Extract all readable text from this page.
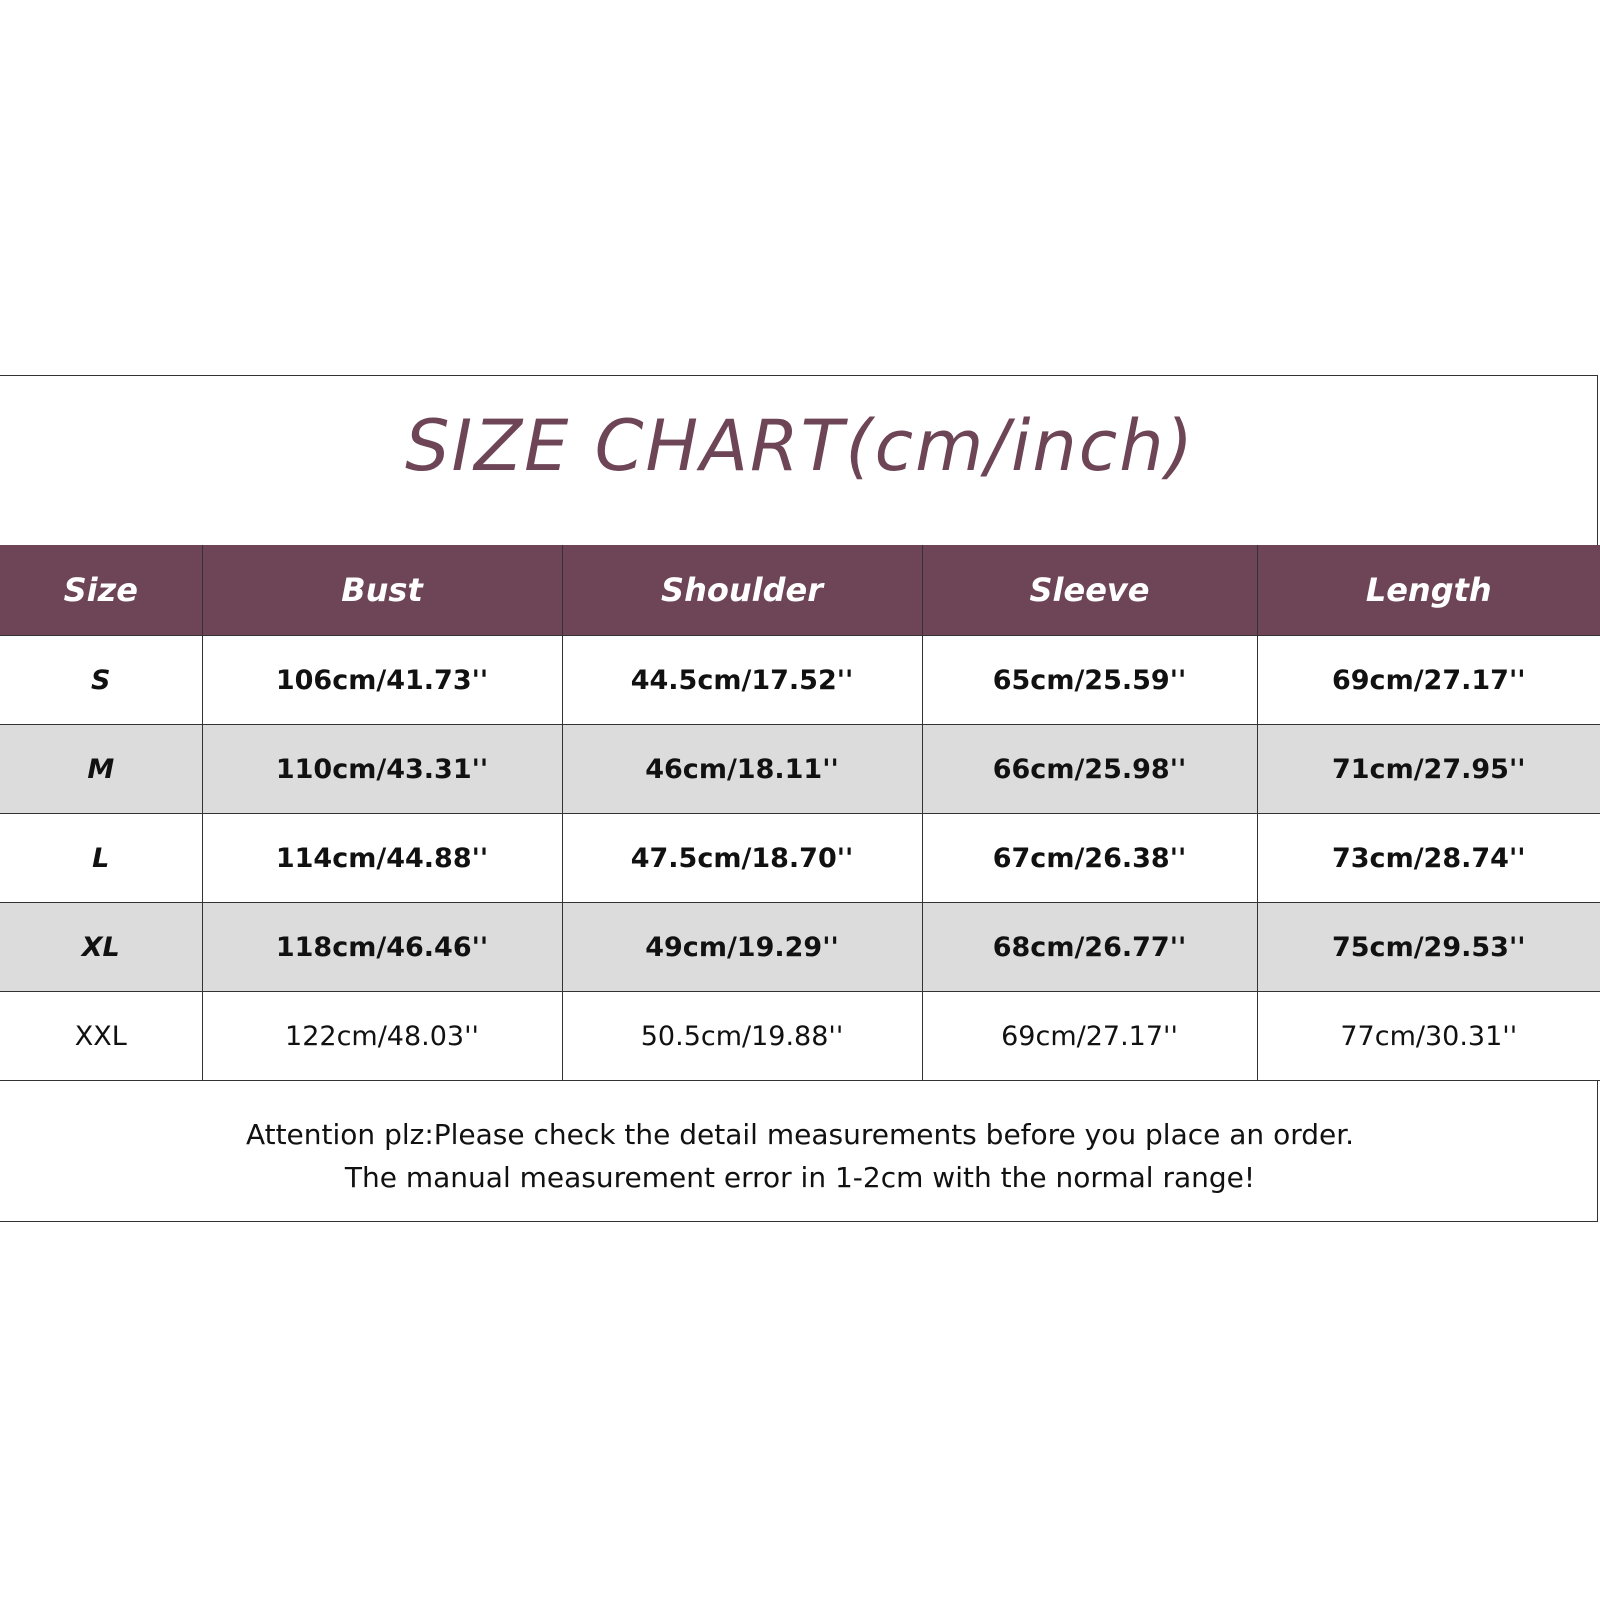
SIZE CHART(cm/inch)
Size	Bust	Shoulder	Sleeve	Length
S	106cm/41.73''	44.5cm/17.52''	65cm/25.59''	69cm/27.17''
M	110cm/43.31''	46cm/18.11''	66cm/25.98''	71cm/27.95''
L	114cm/44.88''	47.5cm/18.70''	67cm/26.38''	73cm/28.74''
XL	118cm/46.46''	49cm/19.29''	68cm/26.77''	75cm/29.53''
XXL	122cm/48.03''	50.5cm/19.88''	69cm/27.17''	77cm/30.31''
Attention plz:Please check the detail measurements before you place an order.
The manual measurement error in 1-2cm with the normal range!
